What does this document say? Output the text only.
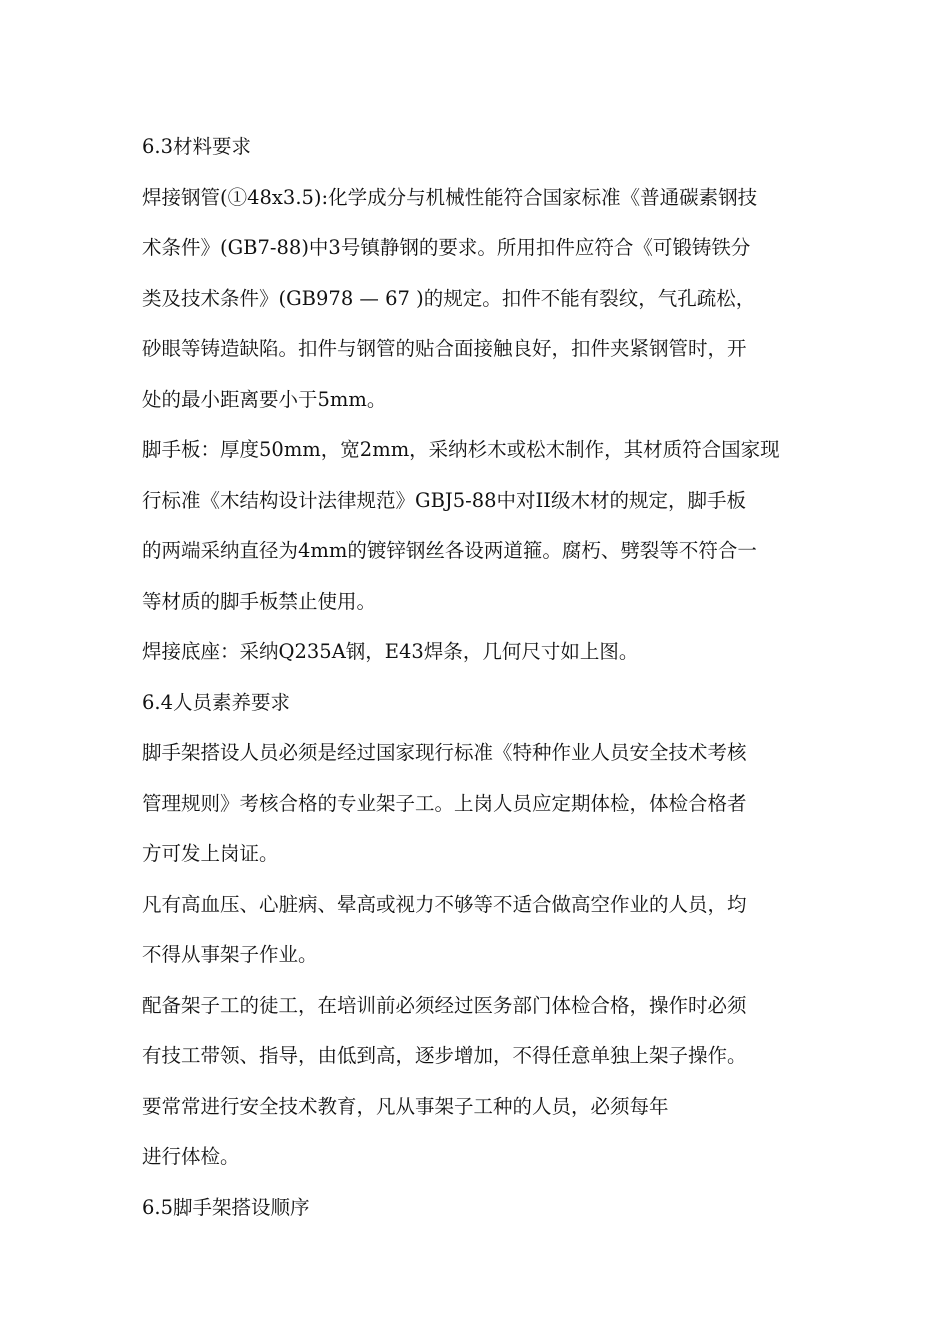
6.3材料要求
焊接钢管(①48x3.5):化学成分与机械性能符合国家标准《普通碳素钢技
术条件》(GB7-88)中3号镇静钢的要求。所用扣件应符合《可锻铸铁分
类及技术条件》(GB978 — 67 )的规定。扣件不能有裂纹，气孔疏松，
砂眼等铸造缺陷。扣件与钢管的贴合面接触良好，扣件夹紧钢管时，开
处的最小距离要小于5mm。
脚手板：厚度50mm，宽2mm，采纳杉木或松木制作，其材质符合国家现
行标准《木结构设计法律规范》GBJ5-88中对II级木材的规定，脚手板
的两端采纳直径为4mm的镀锌钢丝各设两道箍。腐朽、劈裂等不符合一
等材质的脚手板禁止使用。
焊接底座：采纳Q235A钢，E43焊条，几何尺寸如上图。
6.4人员素养要求
脚手架搭设人员必须是经过国家现行标准《特种作业人员安全技术考核
管理规则》考核合格的专业架子工。上岗人员应定期体检，体检合格者
方可发上岗证。
凡有高血压、心脏病、晕高或视力不够等不适合做高空作业的人员，均
不得从事架子作业。
配备架子工的徒工，在培训前必须经过医务部门体检合格，操作时必须
有技工带领、指导，由低到高，逐步增加，不得任意单独上架子操作。
要常常进行安全技术教育，凡从事架子工种的人员，必须每年
进行体检。
6.5脚手架搭设顺序
